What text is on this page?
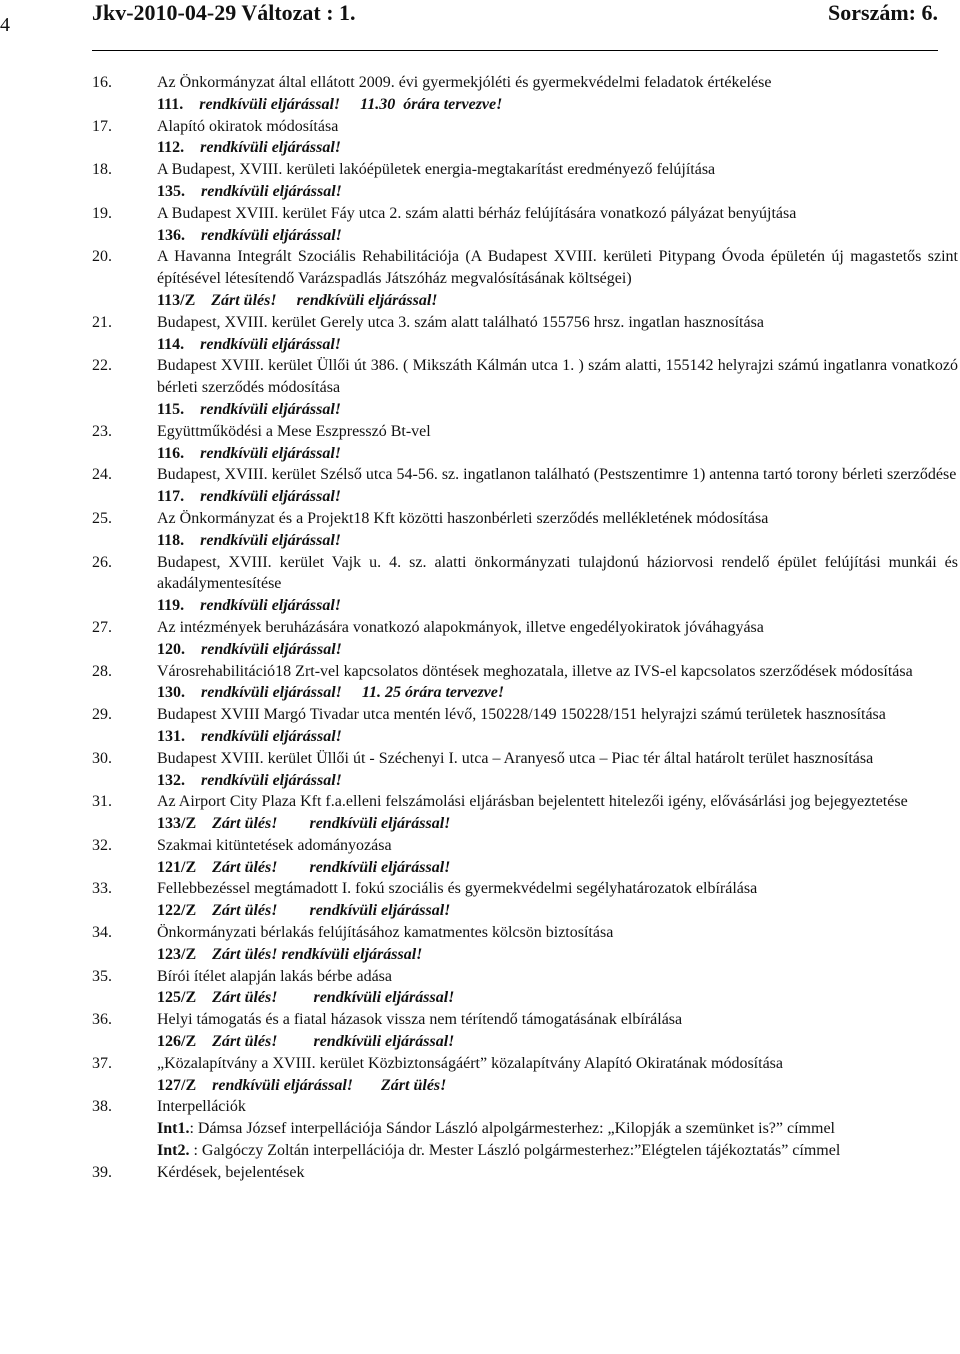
4	Jkv-2010-04-29 Változat : 1.	Sorszám: 6.
16.	Az Önkormányzat által ellátott 2009. évi gyermekjóléti és gyermekvédelmi feladatok értékelése
111. rendkívüli eljárással!     11.30  órára tervezve!
17.	Alapító okiratok módosítása
112. rendkívüli eljárással!
18.	A Budapest, XVIII. kerületi lakóépületek energia-megtakarítást eredményező felújítása
135. rendkívüli eljárással!
19.	A Budapest XVIII. kerület Fáy utca 2. szám alatti bérház felújítására vonatkozó pályázat benyújtása
136. rendkívüli eljárással!
20.	A Havanna Integrált Szociális Rehabilitációja (A Budapest XVIII. kerületi Pitypang Óvoda épületén új magastetős szint építésével létesítendő Varázspadlás Játszóház megvalósításának költségei)
113/Z Zárt ülés!     rendkívüli eljárással!
21.	Budapest, XVIII. kerület Gerely utca 3. szám alatt található 155756 hrsz. ingatlan hasznosítása
114. rendkívüli eljárással!
22.	Budapest XVIII. kerület Üllői út 386. ( Mikszáth Kálmán utca 1. ) szám alatti, 155142 helyrajzi számú ingatlanra vonatkozó bérleti szerződés módosítása
115. rendkívüli eljárással!
23.	Együttműködési a Mese Eszpresszó Bt-vel
116. rendkívüli eljárással!
24.	Budapest, XVIII. kerület Szélső utca 54-56. sz. ingatlanon található (Pestszentimre 1) antenna tartó torony bérleti szerződése
117. rendkívüli eljárással!
25.	Az Önkormányzat és a Projekt18 Kft közötti haszonbérleti szerződés mellékletének módosítása
118. rendkívüli eljárással!
26.	Budapest, XVIII. kerület Vajk u. 4. sz. alatti önkormányzati tulajdonú háziorvosi rendelő épület felújítási munkái és akadálymentesítése
119. rendkívüli eljárással!
27.	Az intézmények beruházására vonatkozó alapokmányok, illetve engedélyokiratok jóváhagyása
120. rendkívüli eljárással!
28.	Városrehabilitáció18 Zrt-vel kapcsolatos döntések meghozatala, illetve az IVS-el kapcsolatos szerződések módosítása
130. rendkívüli eljárással!     11. 25 órára tervezve!
29.	Budapest XVIII Margó Tivadar utca mentén lévő, 150228/149 150228/151 helyrajzi számú területek hasznosítása
131. rendkívüli eljárással!
30.	Budapest XVIII. kerület Üllői út - Széchenyi I. utca – Aranyeső utca – Piac tér által határolt terület hasznosítása
132. rendkívüli eljárással!
31.	Az Airport City Plaza Kft f.a.elleni felszámolási eljárásban bejelentett hitelezői igény, elővásárlási jog bejegyeztetése
133/Z Zárt ülés!        rendkívüli eljárással!
32.	Szakmai kitüntetések adományozása
121/Z Zárt ülés!        rendkívüli eljárással!
33.	Fellebbezéssel megtámadott I. fokú szociális és gyermekvédelmi segélyhatározatok elbírálása
122/Z Zárt ülés!        rendkívüli eljárással!
34.	Önkormányzati bérlakás felújításához kamatmentes kölcsön biztosítása
123/Z Zárt ülés! rendkívüli eljárással!
35.	Bírói ítélet alapján lakás bérbe adása
125/Z Zárt ülés!         rendkívüli eljárással!
36.	Helyi támogatás és a fiatal házasok vissza nem térítendő támogatásának elbírálása
126/Z Zárt ülés!         rendkívüli eljárással!
37.	„Közalapítvány a XVIII. kerület Közbiztonságáért” közalapítvány Alapító Okiratának módosítása
127/Z rendkívüli eljárással!       Zárt ülés!
38.	Interpellációk
Int1.: Dámsa József interpellációja Sándor László alpolgármesterhez: „Kilopják a szemünket is?” címmel
Int2. : Galgóczy Zoltán interpellációja dr. Mester László polgármesterhez:”Elégtelen tájékoztatás” címmel
39.	Kérdések, bejelentések
